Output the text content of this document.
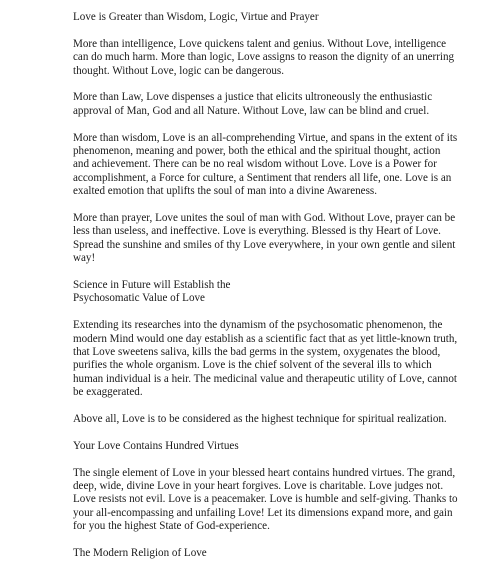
Love is Greater than Wisdom, Logic, Virtue and Prayer

More than intelligence, Love quickens talent and genius. Without Love, intelligence can do much harm. More than logic, Love assigns to reason the dignity of an unerring thought. Without Love, logic can be dangerous.

More than Law, Love dispenses a justice that elicits ultroneously the enthusiastic approval of Man, God and all Nature. Without Love, law can be blind and cruel.

More than wisdom, Love is an all-comprehending Virtue, and spans in the extent of its phenomenon, meaning and power, both the ethical and the spiritual thought, action and achievement. There can be no real wisdom without Love. Love is a Power for accomplishment, a Force for culture, a Sentiment that renders all life, one. Love is an exalted emotion that uplifts the soul of man into a divine Awareness.

More than prayer, Love unites the soul of man with God. Without Love, prayer can be less than useless, and ineffective. Love is everything. Blessed is thy Heart of Love. Spread the sunshine and smiles of thy Love everywhere, in your own gentle and silent way!

Science in Future will Establish the
Psychosomatic Value of Love

Extending its researches into the dynamism of the psychosomatic phenomenon, the modern Mind would one day establish as a scientific fact that as yet little-known truth, that Love sweetens saliva, kills the bad germs in the system, oxygenates the blood, purifies the whole organism. Love is the chief solvent of the several ills to which human individual is a heir. The medicinal value and therapeutic utility of Love, cannot be exaggerated.

Above all, Love is to be considered as the highest technique for spiritual realization.

Your Love Contains Hundred Virtues

The single element of Love in your blessed heart contains hundred virtues. The grand, deep, wide, divine Love in your heart forgives. Love is charitable. Love judges not. Love resists not evil. Love is a peacemaker. Love is humble and self-giving. Thanks to your all-encompassing and unfailing Love! Let its dimensions expand more, and gain for you the highest State of God-experience.

The Modern Religion of Love
